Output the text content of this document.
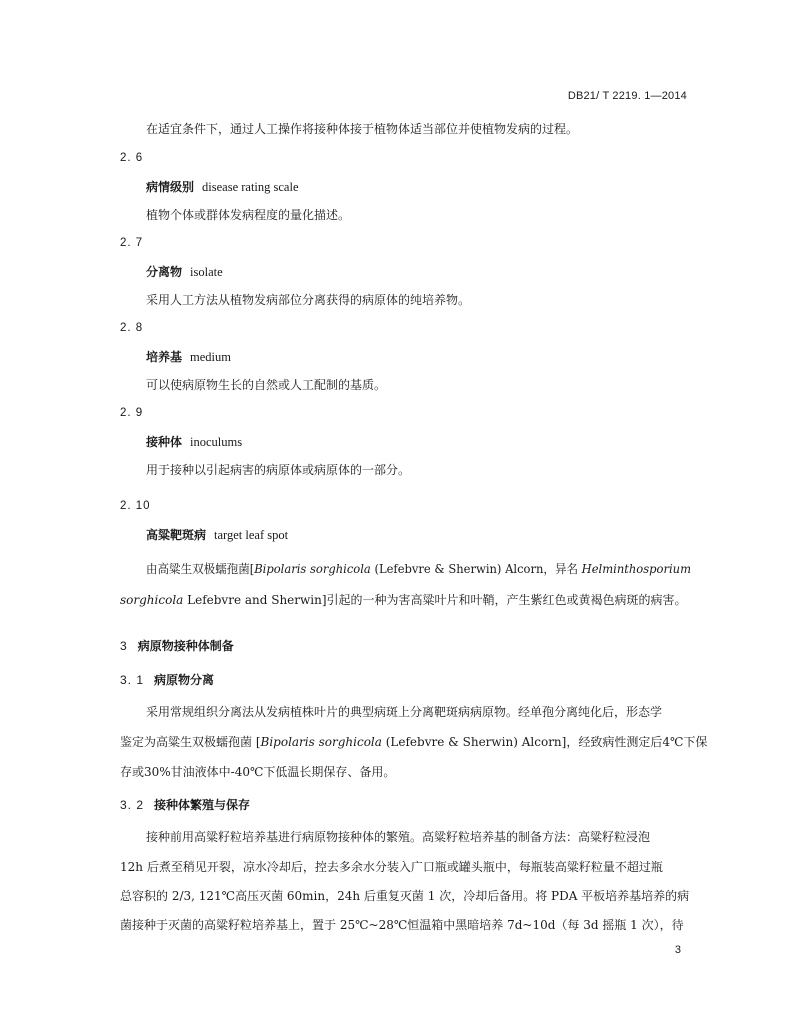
DB21/ T 2219. 1—2014
在适宜条件下，通过人工操作将接种体接于植物体适当部位并使植物发病的过程。
2. 6
病情级别 disease rating scale
植物个体或群体发病程度的量化描述。
2. 7
分离物 isolate
采用人工方法从植物发病部位分离获得的病原体的纯培养物。
2. 8
培养基 medium
可以使病原物生长的自然或人工配制的基质。
2. 9
接种体 inoculums
用于接种以引起病害的病原体或病原体的一部分。
2. 10
高粱靶斑病 target leaf spot
由高粱生双极蠕孢菌[Bipolaris sorghicola (Lefebvre & Sherwin) Alcorn，异名 Helminthosporium
sorghicola Lefebvre and Sherwin]引起的一种为害高粱叶片和叶鞘，产生紫红色或黄褐色病斑的病害。
3 病原物接种体制备
3. 1 病原物分离
采用常规组织分离法从发病植株叶片的典型病斑上分离靶斑病病原物。经单孢分离纯化后，形态学
鉴定为高粱生双极蠕孢菌 [Bipolaris sorghicola (Lefebvre & Sherwin) Alcorn]，经致病性测定后4℃下保
存或30%甘油液体中-40℃下低温长期保存、备用。
3. 2 接种体繁殖与保存
接种前用高粱籽粒培养基进行病原物接种体的繁殖。高粱籽粒培养基的制备方法：高粱籽粒浸泡
12h 后煮至稍见开裂，凉水冷却后，控去多余水分装入广口瓶或罐头瓶中，每瓶装高粱籽粒量不超过瓶
总容积的 2/3, 121℃高压灭菌 60min，24h 后重复灭菌 1 次，冷却后备用。将 PDA 平板培养基培养的病
菌接种于灭菌的高粱籽粒培养基上，置于 25℃~28℃恒温箱中黑暗培养 7d~10d（每 3d 摇瓶 1 次），待
3
